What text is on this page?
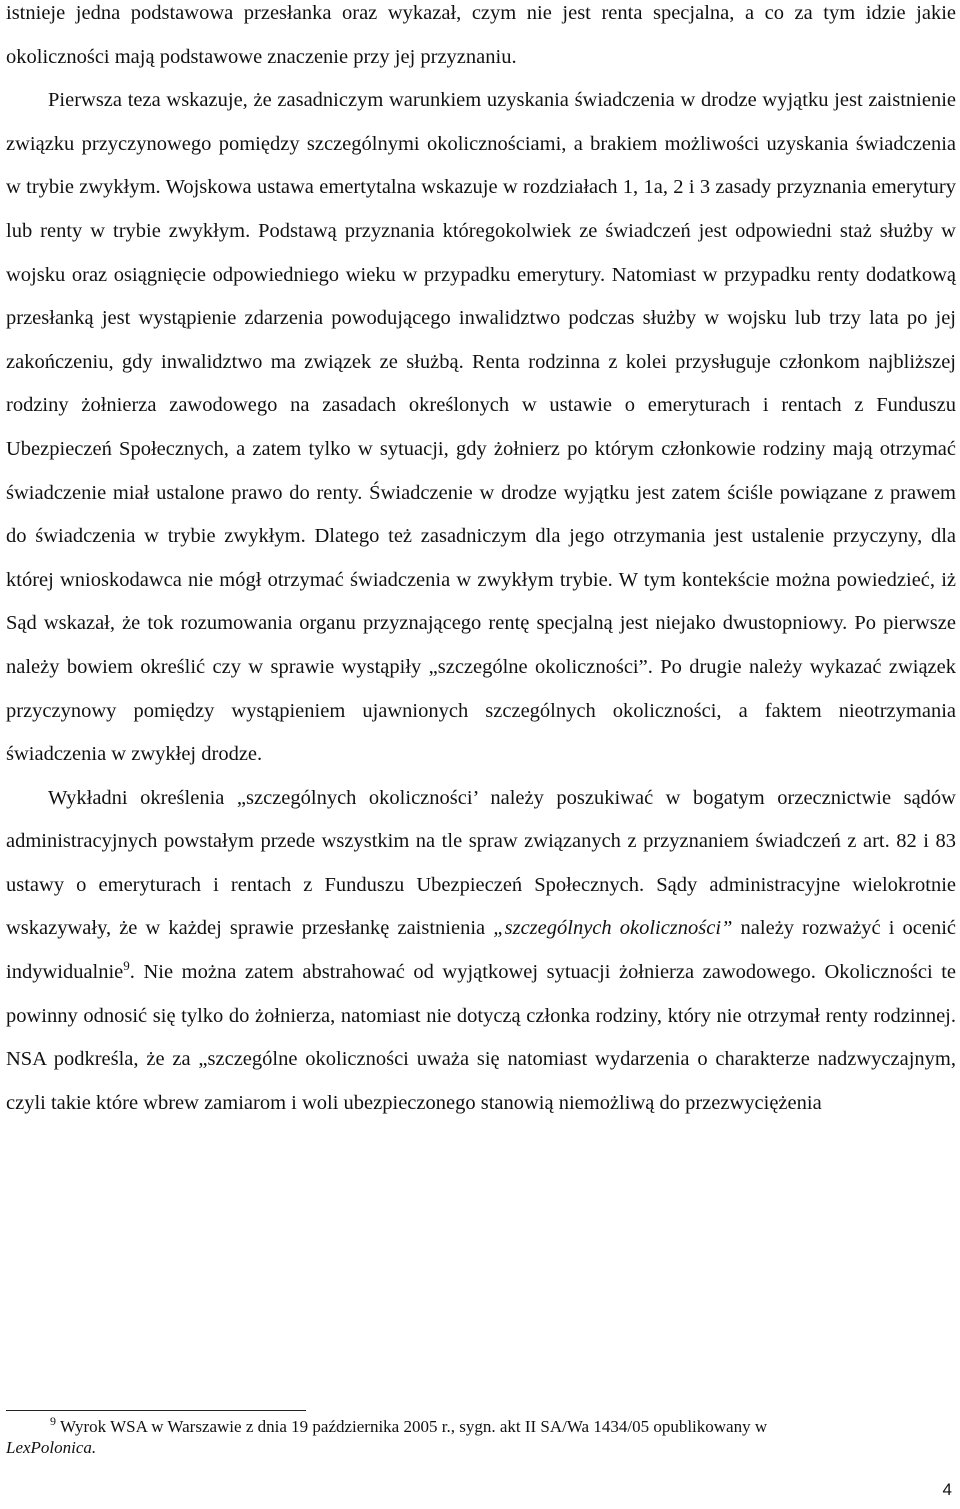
istnieje jedna podstawowa przesłanka oraz wykazał, czym nie jest renta specjalna, a co za tym idzie jakie okoliczności mają podstawowe znaczenie przy jej przyznaniu.

Pierwsza teza wskazuje, że zasadniczym warunkiem uzyskania świadczenia w drodze wyjątku jest zaistnienie związku przyczynowego pomiędzy szczególnymi okolicznościami, a brakiem możliwości uzyskania świadczenia w trybie zwykłym. Wojskowa ustawa emertytalna wskazuje w rozdziałach 1, 1a, 2 i 3 zasady przyznania emerytury lub renty w trybie zwykłym. Podstawą przyznania któregokolwiek ze świadczeń jest odpowiedni staż służby w wojsku oraz osiągnięcie odpowiedniego wieku w przypadku emerytury. Natomiast w przypadku renty dodatkową przesłanką jest wystąpienie zdarzenia powodującego inwalidztwo podczas służby w wojsku lub trzy lata po jej zakończeniu, gdy inwalidztwo ma związek ze służbą. Renta rodzinna z kolei przysługuje członkom najbliższej rodziny żołnierza zawodowego na zasadach określonych w ustawie o emeryturach i rentach z Funduszu Ubezpieczeń Społecznych, a zatem tylko w sytuacji, gdy żołnierz po którym członkowie rodziny mają otrzymać świadczenie miał ustalone prawo do renty. Świadczenie w drodze wyjątku jest zatem ściśle powiązane z prawem do świadczenia w trybie zwykłym. Dlatego też zasadniczym dla jego otrzymania jest ustalenie przyczyny, dla której wnioskodawca nie mógł otrzymać świadczenia w zwykłym trybie. W tym kontekście można powiedzieć, iż Sąd wskazał, że tok rozumowania organu przyznającego rentę specjalną jest niejako dwustopniowy. Po pierwsze należy bowiem określić czy w sprawie wystąpiły „szczególne okoliczności”. Po drugie należy wykazać związek przyczynowy pomiędzy wystąpieniem ujawnionych szczególnych okoliczności, a faktem nieotrzymania świadczenia w zwykłej drodze.

Wykładni określenia „szczególnych okoliczności’ należy poszukiwać w bogatym orzecznictwie sądów administracyjnych powstałym przede wszystkim na tle spraw związanych z przyznaniem świadczeń z art. 82 i 83 ustawy o emeryturach i rentach z Funduszu Ubezpieczeń Społecznych. Sądy administracyjne wielokrotnie wskazywały, że w każdej sprawie przesłankę zaistnienia „szczególnych okoliczności” należy rozważyć i ocenić indywidualnie$^9$. Nie można zatem abstrahować od wyjątkowej sytuacji żołnierza zawodowego. Okoliczności te powinny odnosić się tylko do żołnierza, natomiast nie dotyczą członka rodziny, który nie otrzymał renty rodzinnej. NSA podkreśla, że za „szczególne okoliczności uważa się natomiast wydarzenia o charakterze nadzwyczajnym, czyli takie które wbrew zamiarom i woli ubezpieczonego stanowią niemożliwą do przezwyciężenia

$^9$ Wyrok WSA w Warszawie z dnia 19 października 2005 r., sygn. akt II SA/Wa 1434/05 opublikowany w
LexPolonica.
4
